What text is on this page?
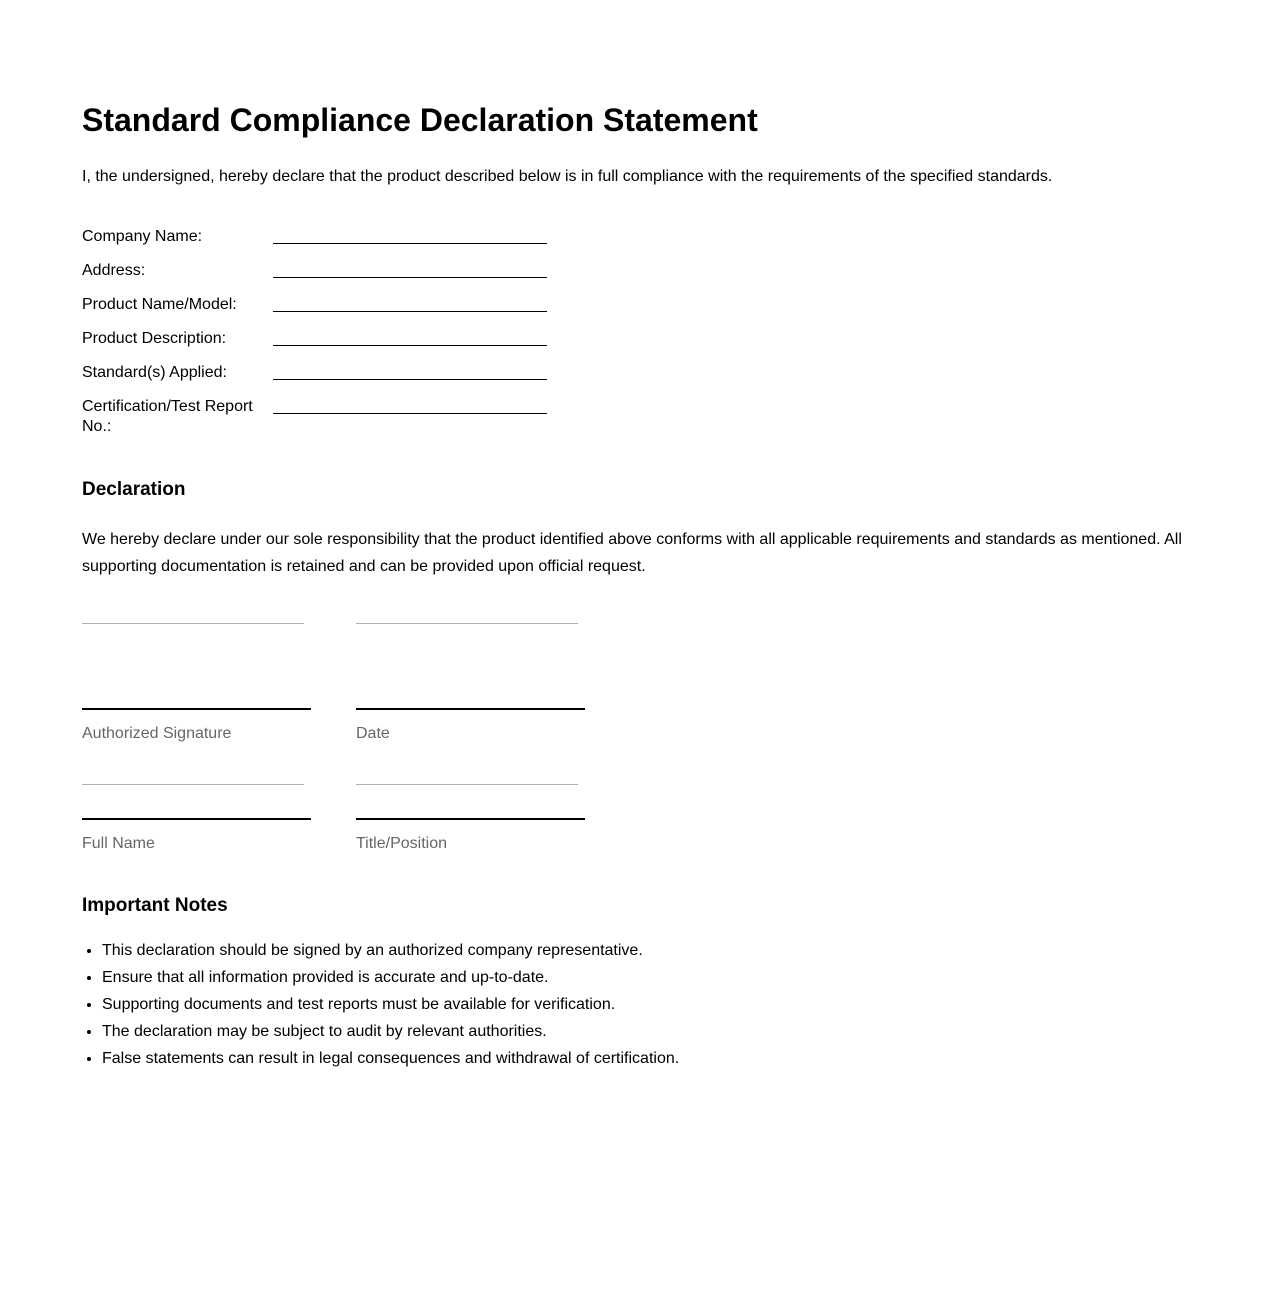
Standard Compliance Declaration Statement

I, the undersigned, hereby declare that the product described below is in full compliance with the requirements of the specified standards.

Company Name:
Address:
Product Name/Model:
Product Description:
Standard(s) Applied:
Certification/Test Report No.:
Declaration

We hereby declare under our sole responsibility that the product identified above conforms with all applicable requirements and standards as mentioned. All supporting documentation is retained and can be provided upon official request.

Authorized Signature	Date
Full Name	Title/Position
Important Notes
• This declaration should be signed by an authorized company representative.
• Ensure that all information provided is accurate and up-to-date.
• Supporting documents and test reports must be available for verification.
• The declaration may be subject to audit by relevant authorities.
• False statements can result in legal consequences and withdrawal of certification.
